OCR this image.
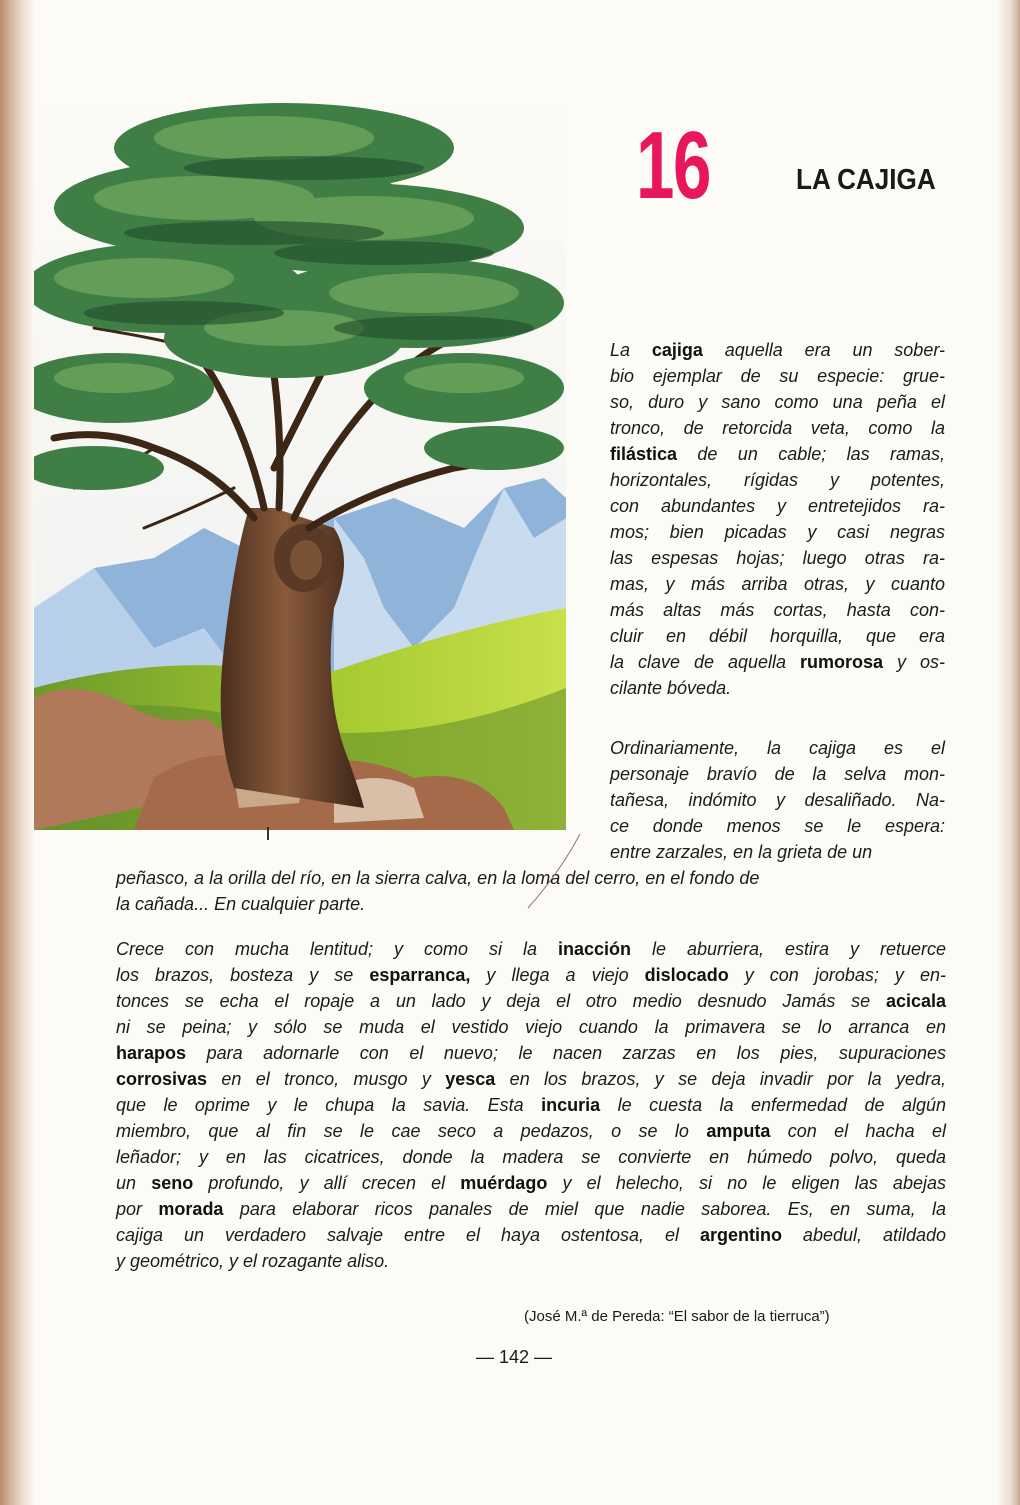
16	LA CAJIGA
La cajiga aquella era un sober-
bio ejemplar de su especie: grue-
so, duro y sano como una peña el
tronco, de retorcida veta, como la
filástica de un cable; las ramas,
horizontales, rígidas y potentes,
con abundantes y entretejidos ra-
mos; bien picadas y casi negras
las espesas hojas; luego otras ra-
mas, y más arriba otras, y cuanto
más altas más cortas, hasta con-
cluir en débil horquilla, que era
la clave de aquella rumorosa y os-
cilante bóveda.
Ordinariamente, la cajiga es el
personaje bravío de la selva mon-
tañesa, indómito y desaliñado. Na-
ce donde menos se le espera:
entre zarzales, en la grieta de un
peñasco, a la orilla del río, en la sierra calva, en la loma del cerro, en el fondo de
la cañada... En cualquier parte.
Crece con mucha lentitud; y como si la inacción le aburriera, estira y retuerce
los brazos, bosteza y se esparranca, y llega a viejo dislocado y con jorobas; y en-
tonces se echa el ropaje a un lado y deja el otro medio desnudo Jamás se acicala
ni se peina; y sólo se muda el vestido viejo cuando la primavera se lo arranca en
harapos para adornarle con el nuevo; le nacen zarzas en los pies, supuraciones
corrosivas en el tronco, musgo y yesca en los brazos, y se deja invadir por la yedra,
que le oprime y le chupa la savia. Esta incuria le cuesta la enfermedad de algún
miembro, que al fin se le cae seco a pedazos, o se lo amputa con el hacha el
leñador; y en las cicatrices, donde la madera se convierte en húmedo polvo, queda
un seno profundo, y allí crecen el muérdago y el helecho, si no le eligen las abejas
por morada para elaborar ricos panales de miel que nadie saborea. Es, en suma, la
cajiga un verdadero salvaje entre el haya ostentosa, el argentino abedul, atildado
y geométrico, y el rozagante aliso.

(José M.ª de Pereda: “El sabor de la tierruca”)

— 142 —
